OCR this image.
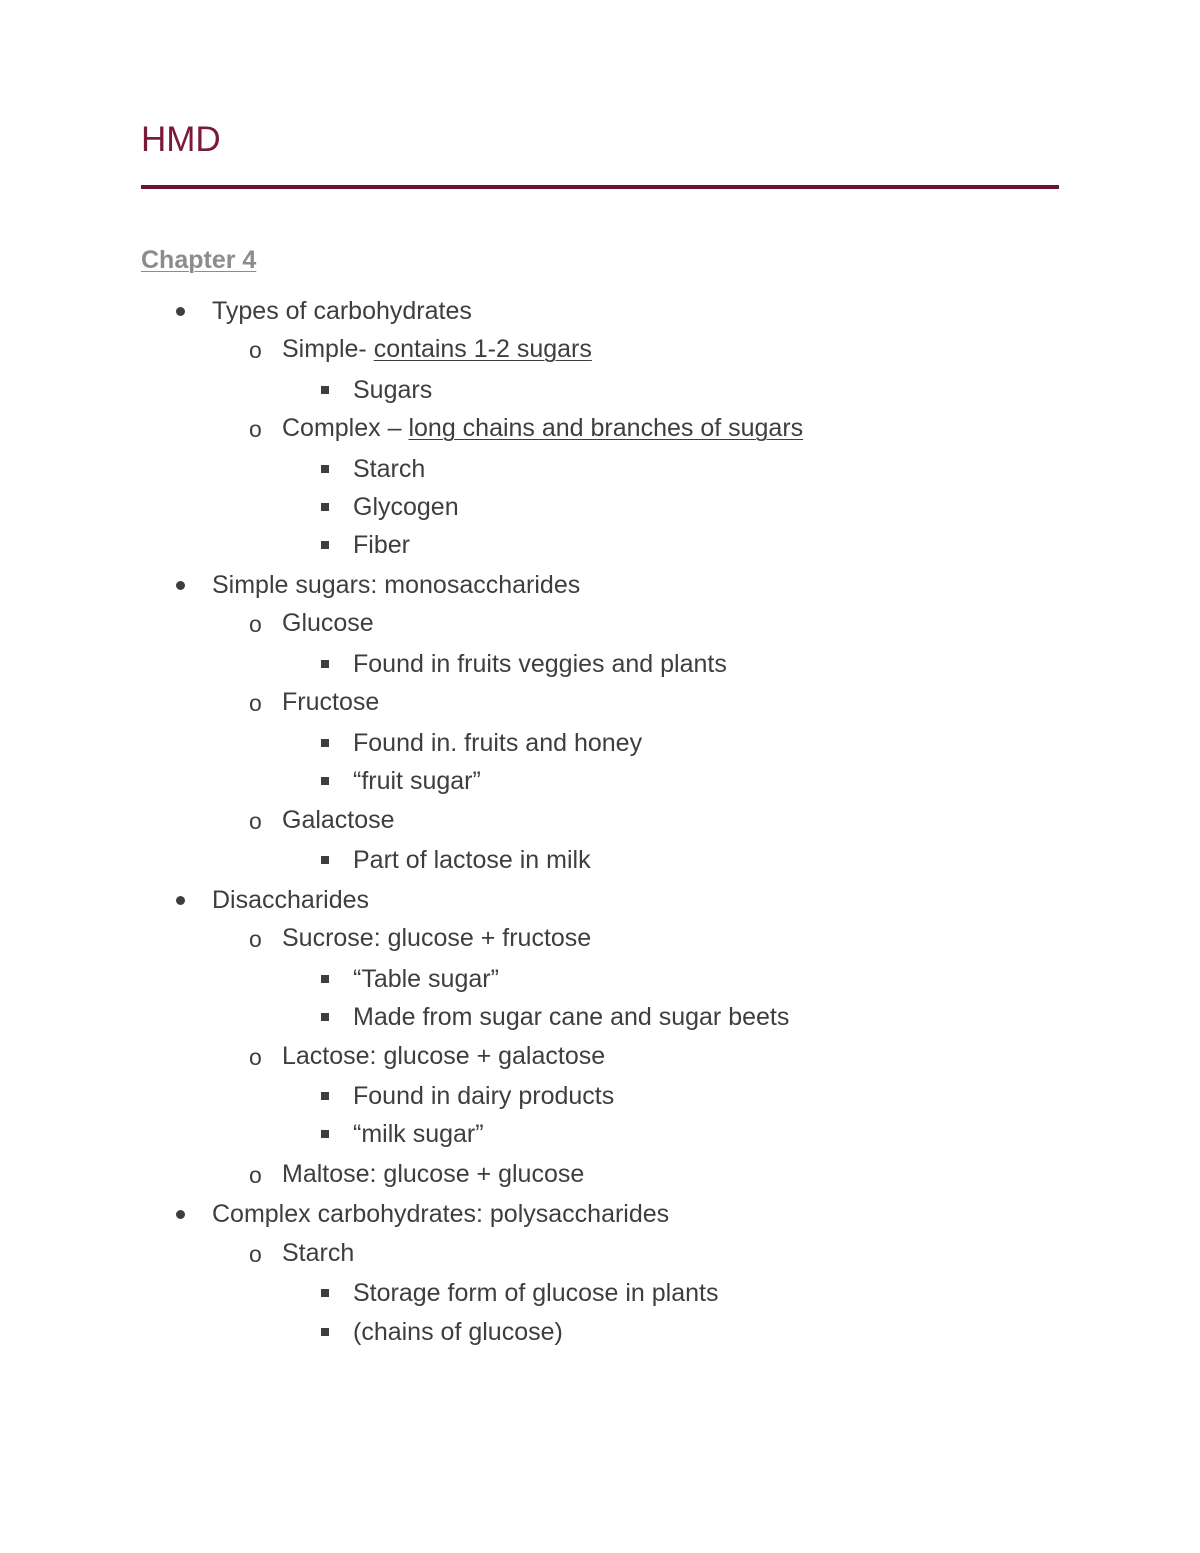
HMD
Chapter 4
Types of carbohydrates
o Simple- contains 1-2 sugars
Sugars
o Complex – long chains and branches of sugars
Starch
Glycogen
Fiber
Simple sugars: monosaccharides
o Glucose
Found in fruits veggies and plants
o Fructose
Found in. fruits and honey
“fruit sugar”
o Galactose
Part of lactose in milk
Disaccharides
o Sucrose: glucose + fructose
“Table sugar”
Made from sugar cane and sugar beets
o Lactose: glucose + galactose
Found in dairy products
“milk sugar”
o Maltose: glucose + glucose
Complex carbohydrates: polysaccharides
o Starch
Storage form of glucose in plants
(chains of glucose)
